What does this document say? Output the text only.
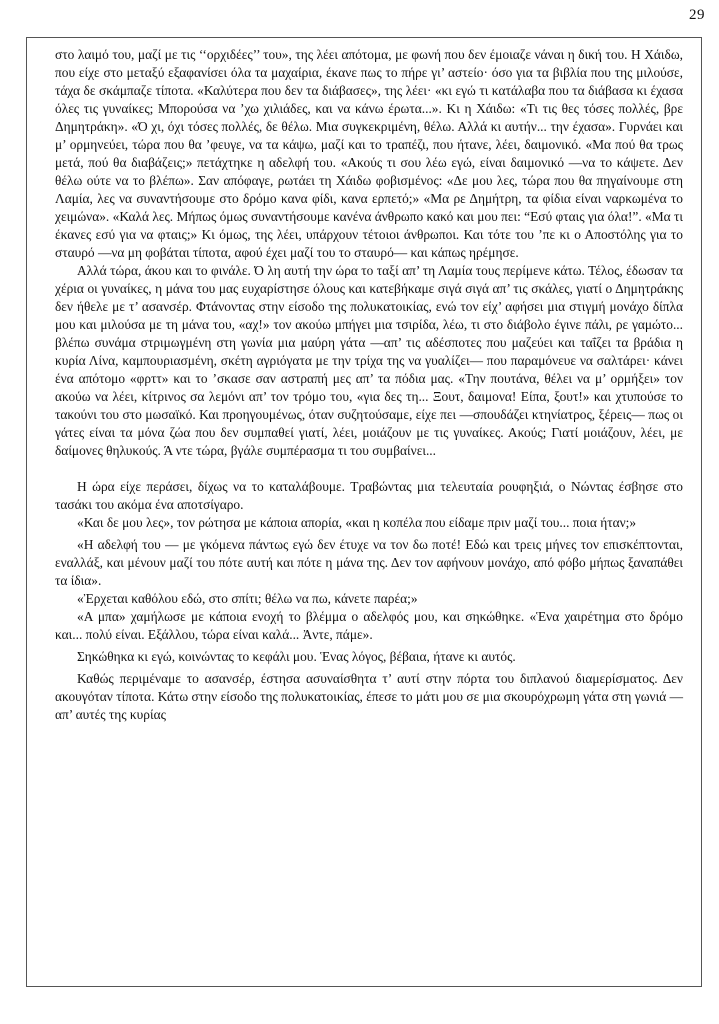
29

στο λαιμό του, μαζί με τις ‘‘ορχιδέες’’ του», της λέει απότομα, με φωνή που δεν έμοιαζε νάναι η δική του. Η Χάιδω, που είχε στο μεταξύ εξαφανίσει όλα τα μαχαίρια, έκανε πως το πήρε γι’ αστείο· όσο για τα βιβλία που της μιλούσε, τάχα δε σκάμπαζε τίποτα. «Καλύτερα που δεν τα διάβασες», της λέει· «κι εγώ τι κατάλαβα που τα διάβασα κι έχασα όλες τις γυναίκες; Μπορούσα να ’χω χιλιάδες, και να κάνω έρωτα...». Κι η Χάιδω: «Τι τις θες τόσες πολλές, βρε Δημητράκη». «Ό χι, όχι τόσες πολλές, δε θέλω. Μια συγκεκριμένη, θέλω. Αλλά κι αυτήν... την έχασα». Γυρνάει και μ’ ορμηνεύει, τώρα που θα ’φευγε, να τα κάψω, μαζί και το τραπέζι, που ήτανε, λέει, δαιμονικό. «Μα πού θα τρως μετά, πού θα διαβάζεις;» πετάχτηκε η αδελφή του. «Ακούς τι σου λέω εγώ, είναι δαιμονικό —να το κάψετε. Δεν θέλω ούτε να το βλέπω». Σαν απόφαγε, ρωτάει τη Χάιδω φοβισμένος: «Δε μου λες, τώρα που θα πηγαίνουμε στη Λαμία, λες να συναντήσουμε στο δρόμο κανα φίδι, κανα ερπετό;» «Μα ρε Δημήτρη, τα φίδια είναι ναρκωμένα το χειμώνα». «Καλά λες. Μήπως όμως συναντήσουμε κανένα άνθρωπο κακό και μου πει: “Εσύ φταις για όλα!”. «Μα τι έκανες εσύ για να φταις;» Κι όμως, της λέει, υπάρχουν τέτοιοι άνθρωποι. Και τότε του ’πε κι ο Αποστόλης για το σταυρό —να μη φοβάται τίποτα, αφού έχει μαζί του το σταυρό— και κάπως ηρέμησε.

Αλλά τώρα, άκου και το φινάλε. Ό λη αυτή την ώρα το ταξί απ’ τη Λαμία τους περίμενε κάτω. Τέλος, έδωσαν τα χέρια οι γυναίκες, η μάνα του μας ευχαρίστησε όλους και κατεβήκαμε σιγά σιγά απ’ τις σκάλες, γιατί ο Δημητράκης δεν ήθελε με τ’ ασανσέρ. Φτάνοντας στην είσοδο της πολυκατοικίας, ενώ τον είχ’ αφήσει μια στιγμή μονάχο δίπλα μου και μιλούσα με τη μάνα του, «αχ!» τον ακούω μπήγει μια τσιρίδα, λέω, τι στο διάβολο έγινε πάλι, ρε γαμώτο... βλέπω συνάμα στριμωγμένη στη γωνία μια μαύρη γάτα —απ’ τις αδέσποτες που μαζεύει και ταΐζει τα βράδια η κυρία Λίνα, καμπουριασμένη, σκέτη αγριόγατα με την τρίχα της να γυαλίζει— που παραμόνευε να σαλτάρει· κάνει ένα απότομο «φρττ» και το ’σκασε σαν αστραπή μες απ’ τα πόδια μας. «Την πουτάνα, θέλει να μ’ ορμήξει» τον ακούω να λέει, κίτρινος σα λεμόνι απ’ τον τρόμο του, «για δες τη... Ξουτ, δαιμονα! Είπα, ξουτ!» και χτυπούσε το τακούνι του στο μωσαϊκό. Και προηγουμένως, όταν συζητούσαμε, είχε πει —σπουδάζει κτηνίατρος, ξέρεις— πως οι γάτες είναι τα μόνα ζώα που δεν συμπαθεί γιατί, λέει, μοιάζουν με τις γυναίκες. Ακούς; Γιατί μοιάζουν, λέει, με δαίμονες θηλυκούς. Ά ντε τώρα, βγάλε συμπέρασμα τι του συμβαίνει...

Η ώρα είχε περάσει, δίχως να το καταλάβουμε. Τραβώντας μια τελευταία ρουφηξιά, ο Νώντας έσβησε στο τασάκι του ακόμα ένα αποτσίγαρο.

«Και δε μου λες», τον ρώτησα με κάποια απορία, «και η κοπέλα που είδαμε πριν μαζί του... ποια ήταν;»

«Η αδελφή του — με γκόμενα πάντως εγώ δεν έτυχε να τον δω ποτέ! Εδώ και τρεις μήνες τον επισκέπτονται, εναλλάξ, και μένουν μαζί του πότε αυτή και πότε η μάνα της. Δεν τον αφήνουν μονάχο, από φόβο μήπως ξαναπάθει τα ίδια».

«Ἐρχεται καθόλου εδώ, στο σπίτι; θέλω να πω, κάνετε παρέα;»

«Α μπα» χαμήλωσε με κάποια ενοχή το βλέμμα ο αδελφός μου, και σηκώθηκε. «Ἑνα χαιρέτημα στο δρόμο και... πολύ είναι. Εξάλλου, τώρα είναι καλά... Ἀντε, πάμε».

Σηκώθηκα κι εγώ, κοινώντας το κεφάλι μου. Ἑνας λόγος, βέβαια, ήτανε κι αυτός.

Καθώς περιμέναμε το ασανσέρ, έστησα ασυναίσθητα τ’ αυτί στην πόρτα του διπλανού διαμερίσματος. Δεν ακουγόταν τίποτα. Κάτω στην είσοδο της πολυκατοικίας, έπεσε το μάτι μου σε μια σκουρόχρωμη γάτα στη γωνιά —απ’ αυτές της κυρίας
